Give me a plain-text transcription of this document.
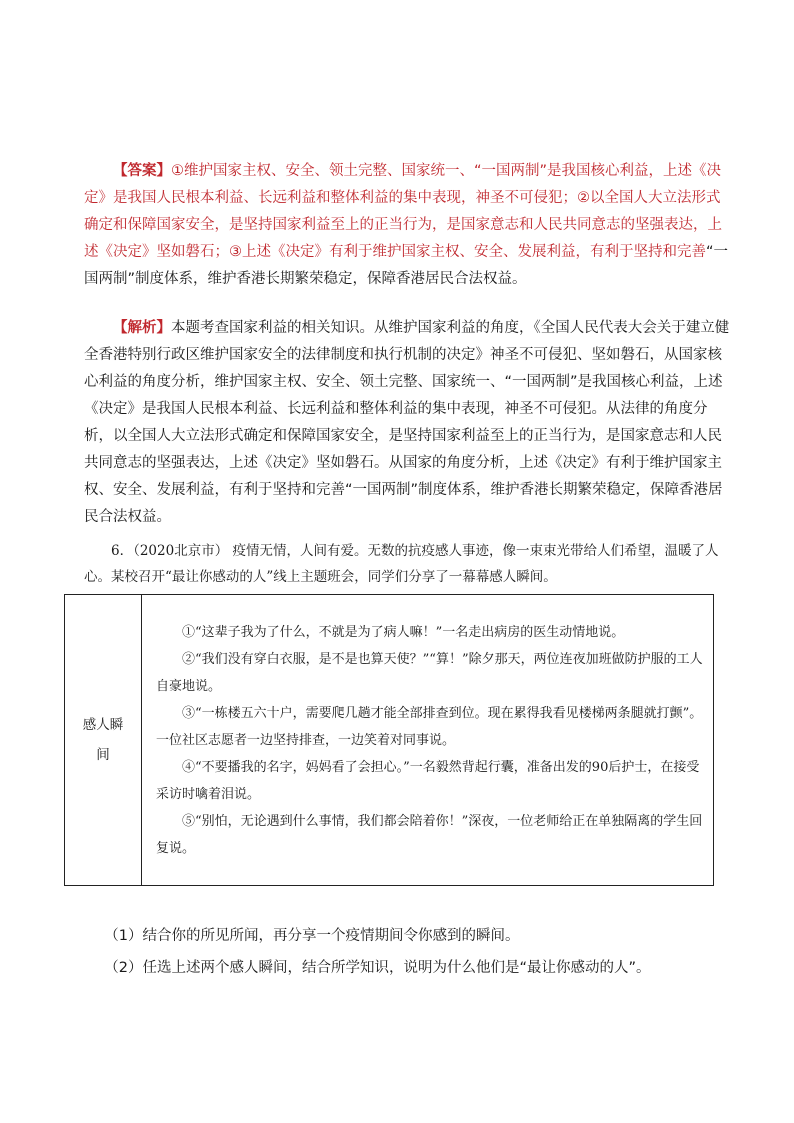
【答案】①维护国家主权、安全、领土完整、国家统一、“一国两制”是我国核心利益，上述《决定》是我国人民根本利益、长远利益和整体利益的集中表现，神圣不可侵犯；②以全国人大立法形式确定和保障国家安全，是坚持国家利益至上的正当行为，是国家意志和人民共同意志的坚强表达，上述《决定》坚如磐石；③上述《决定》有利于维护国家主权、安全、发展利益，有利于坚持和完善“一国两制”制度体系，维护香港长期繁荣稳定，保障香港居民合法权益。

【解析】本题考查国家利益的相关知识。从维护国家利益的角度，《全国人民代表大会关于建立健全香港特别行政区维护国家安全的法律制度和执行机制的决定》神圣不可侵犯、坚如磐石，从国家核心利益的角度分析，维护国家主权、安全、领土完整、国家统一、“一国两制”是我国核心利益，上述《决定》是我国人民根本利益、长远利益和整体利益的集中表现，神圣不可侵犯。从法律的角度分析，以全国人大立法形式确定和保障国家安全，是坚持国家利益至上的正当行为，是国家意志和人民共同意志的坚强表达，上述《决定》坚如磐石。从国家的角度分析，上述《决定》有利于维护国家主权、安全、发展利益，有利于坚持和完善“一国两制”制度体系，维护香港长期繁荣稳定，保障香港居民合法权益。

6．（2020北京市） 疫情无情，人间有爱。无数的抗疫感人事迹，像一束束光带给人们希望，温暖了人心。某校召开“最让你感动的人”线上主题班会，同学们分享了一幕幕感人瞬间。

感人瞬间	

①“这辈子我为了什么，不就是为了病人嘛！”一名走出病房的医生动情地说。

②“我们没有穿白衣服，是不是也算天使？”“算！”除夕那天，两位连夜加班做防护服的工人自豪地说。

③“一栋楼五六十户，需要爬几趟才能全部排查到位。现在累得我看见楼梯两条腿就打颤”。一位社区志愿者一边坚持排查，一边笑着对同事说。

④“不要播我的名字，妈妈看了会担心。”一名毅然背起行囊，准备出发的90后护士，在接受采访时噙着泪说。

⑤“别怕，无论遇到什么事情，我们都会陪着你！”深夜，一位老师给正在单独隔离的学生回复说。

（1）结合你的所见所闻，再分享一个疫情期间令你感到的瞬间。

（2）任选上述两个感人瞬间，结合所学知识，说明为什么他们是“最让你感动的人”。
